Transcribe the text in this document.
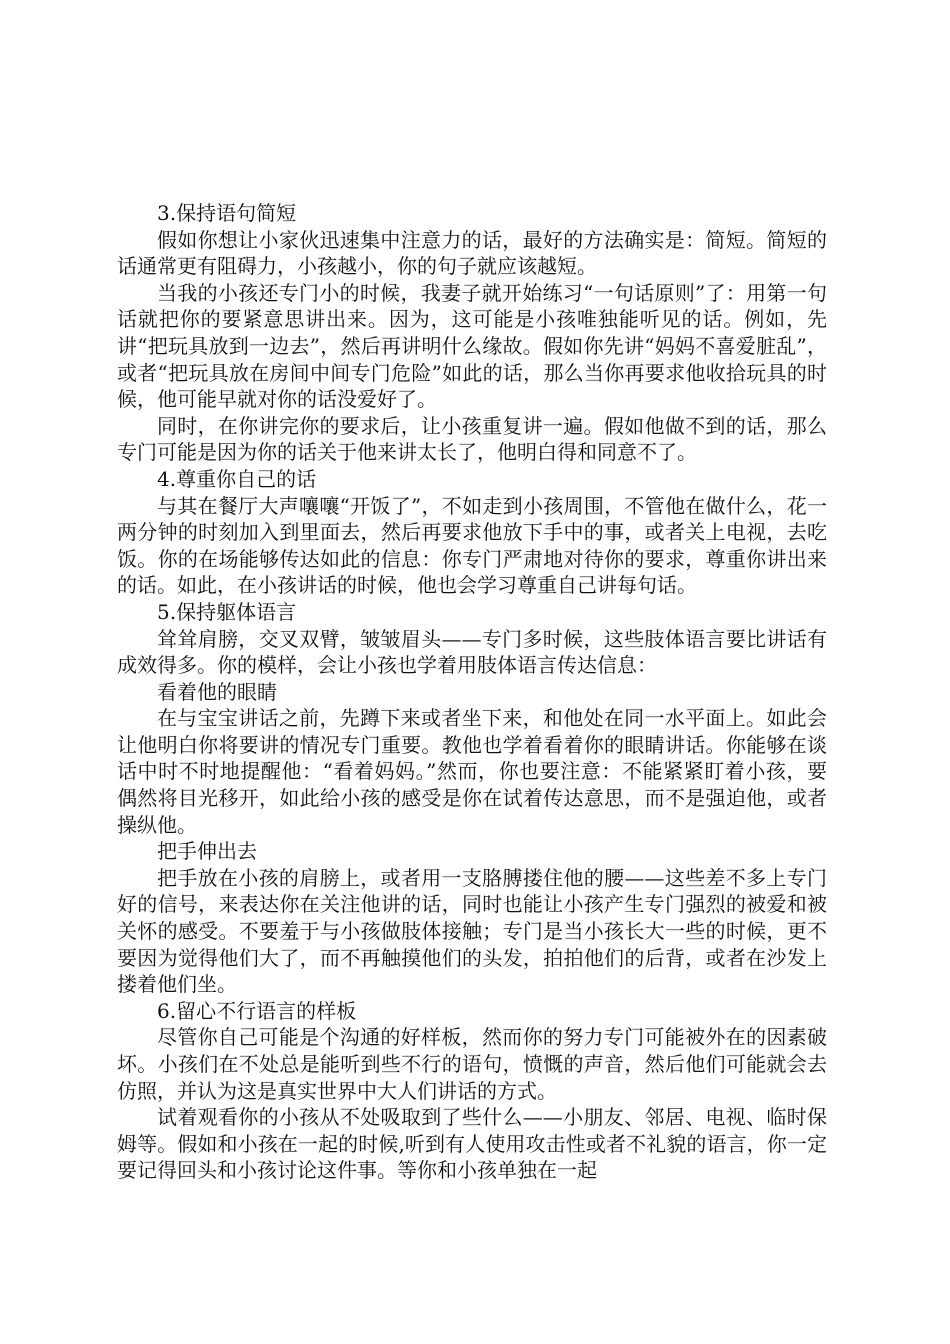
3.保持语句简短

假如你想让小家伙迅速集中注意力的话，最好的方法确实是：简短。简短的话通常更有阻碍力，小孩越小，你的句子就应该越短。

当我的小孩还专门小的时候，我妻子就开始练习“一句话原则”了：用第一句话就把你的要紧意思讲出来。因为，这可能是小孩唯独能听见的话。例如，先讲“把玩具放到一边去”，然后再讲明什么缘故。假如你先讲“妈妈不喜爱脏乱”，或者“把玩具放在房间中间专门危险”如此的话，那么当你再要求他收拾玩具的时候，他可能早就对你的话没爱好了。

同时，在你讲完你的要求后，让小孩重复讲一遍。假如他做不到的话，那么专门可能是因为你的话关于他来讲太长了，他明白得和同意不了。

4.尊重你自己的话

与其在餐厅大声嚷嚷“开饭了”，不如走到小孩周围，不管他在做什么，花一两分钟的时刻加入到里面去，然后再要求他放下手中的事，或者关上电视，去吃饭。你的在场能够传达如此的信息：你专门严肃地对待你的要求，尊重你讲出来的话。如此，在小孩讲话的时候，他也会学习尊重自己讲每句话。

5.保持躯体语言

耸耸肩膀，交叉双臂，皱皱眉头——专门多时候，这些肢体语言要比讲话有成效得多。你的模样，会让小孩也学着用肢体语言传达信息：

看着他的眼睛

在与宝宝讲话之前，先蹲下来或者坐下来，和他处在同一水平面上。如此会让他明白你将要讲的情况专门重要。教他也学着看着你的眼睛讲话。你能够在谈话中时不时地提醒他：“看着妈妈。”然而，你也要注意：不能紧紧盯着小孩，要偶然将目光移开，如此给小孩的感受是你在试着传达意思，而不是强迫他，或者操纵他。

把手伸出去

把手放在小孩的肩膀上，或者用一支胳膊搂住他的腰——这些差不多上专门好的信号，来表达你在关注他讲的话，同时也能让小孩产生专门强烈的被爱和被关怀的感受。不要羞于与小孩做肢体接触；专门是当小孩长大一些的时候，更不要因为觉得他们大了，而不再触摸他们的头发，拍拍他们的后背，或者在沙发上搂着他们坐。

6.留心不行语言的样板

尽管你自己可能是个沟通的好样板，然而你的努力专门可能被外在的因素破坏。小孩们在不处总是能听到些不行的语句，愤慨的声音，然后他们可能就会去仿照，并认为这是真实世界中大人们讲话的方式。

试着观看你的小孩从不处吸取到了些什么——小朋友、邻居、电视、临时保姆等。假如和小孩在一起的时候,听到有人使用攻击性或者不礼貌的语言，你一定要记得回头和小孩讨论这件事。等你和小孩单独在一起
